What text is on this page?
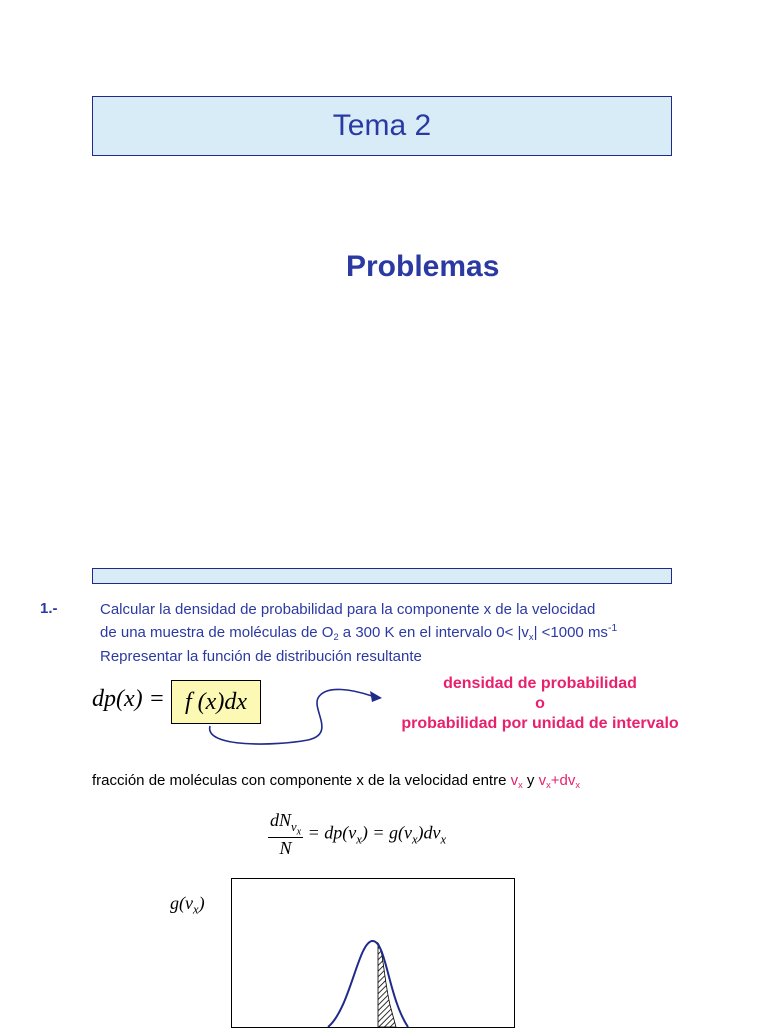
Tema 2
Problemas
1.-	Calcular la densidad de probabilidad para la componente x de la velocidad
de una muestra de moléculas de $O_2$ a 300 K en el intervalo $0< |v_x| <1000$ $ms^{-1}$
Representar la función de distribución resultante
dp(x) = f (x)dx
densidad de probabilidad
o
probabilidad por unidad de intervalo
fracción de moléculas con componente x de la velocidad entre $v_x$ y $v_x+dv_x$
$dN_{v_x}$
N
= $dp(v_x) = g(v_x)dv_x$
$g(v_x)$
